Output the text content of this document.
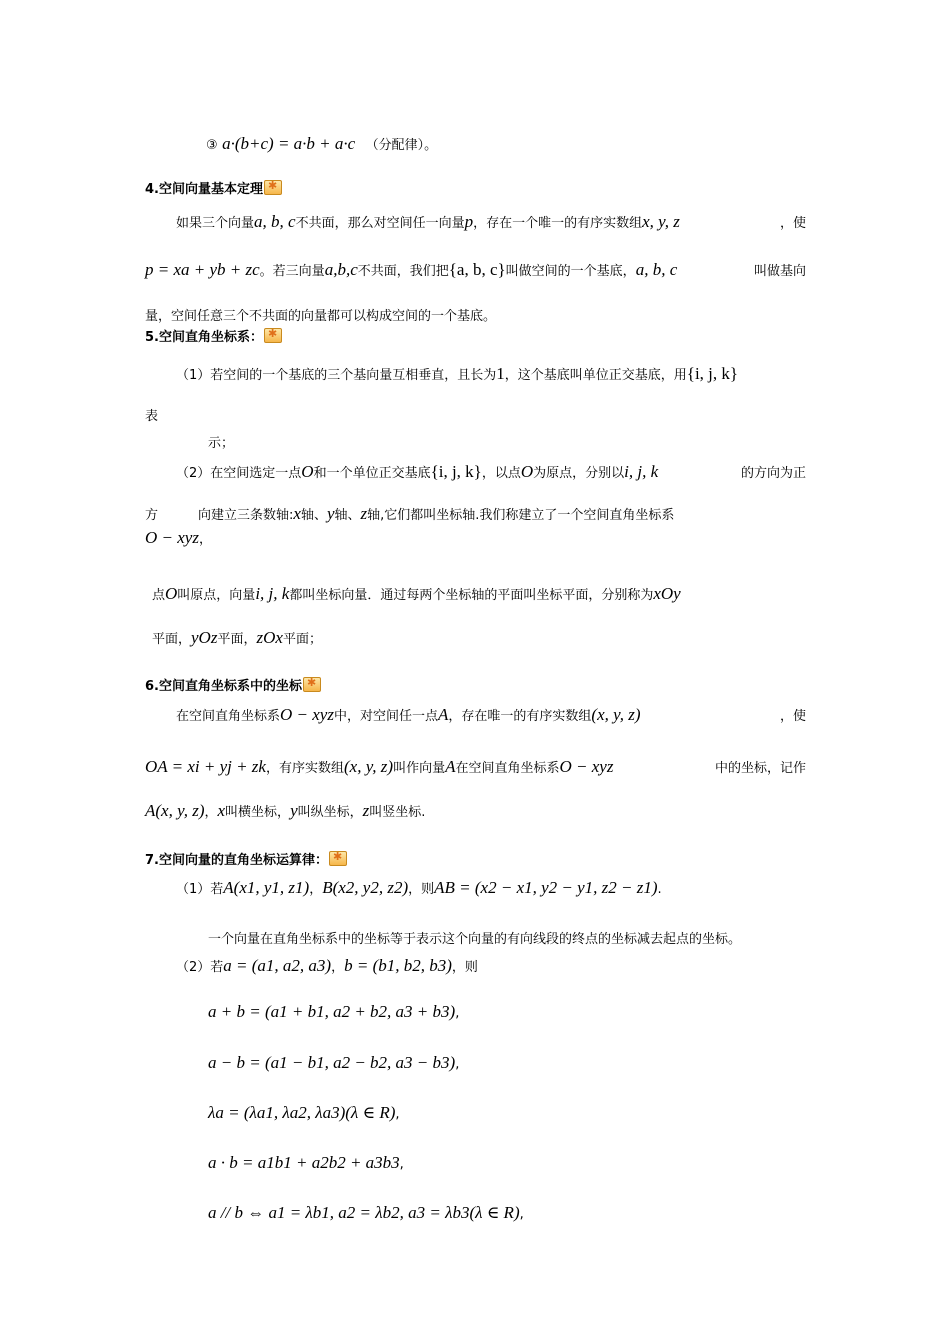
③ a·(b+c) = a·b + a·c （分配律）。
4.空间向量基本定理✱
如果三个向量a, b, c不共面，那么对空间任一向量p，存在一个唯一的有序实数组x, y, z	，使
p = xa + yb + zc。若三向量a,b,c不共面，我们把{a, b, c}叫做空间的一个基底，a, b, c	叫做基向
量，空间任意三个不共面的向量都可以构成空间的一个基底。
5.空间直角坐标系：✱
（1）若空间的一个基底的三个基向量互相垂直，且长为1，这个基底叫单位正交基底，用{i, j, k}
表
示；
（2）在空间选定一点O和一个单位正交基底{i, j, k}，以点O为原点，分别以i, j, k	的方向为正
方	向建立三条数轴:x轴、y轴、z轴,它们都叫坐标轴.我们称建立了一个空间直角坐标系
O − xyz，
点O叫原点，向量i, j, k都叫坐标向量．通过每两个坐标轴的平面叫坐标平面，分别称为xOy
平面，yOz平面，zOx平面；
6.空间直角坐标系中的坐标✱
在空间直角坐标系O − xyz中，对空间任一点A，存在唯一的有序实数组(x, y, z)	，使
OA = xi + yj + zk，有序实数组(x, y, z)叫作向量A在空间直角坐标系O − xyz	中的坐标，记作
A(x, y, z)，x叫横坐标，y叫纵坐标，z叫竖坐标.
7.空间向量的直角坐标运算律：✱
（1）若A(x1, y1, z1)，B(x2, y2, z2)，则AB = (x2 − x1, y2 − y1, z2 − z1).
一个向量在直角坐标系中的坐标等于表示这个向量的有向线段的终点的坐标减去起点的坐标。
（2）若a = (a1, a2, a3)，b = (b1, b2, b3)，则
a + b = (a1 + b1, a2 + b2, a3 + b3),
a − b = (a1 − b1, a2 − b2, a3 − b3),
λa = (λa1, λa2, λa3)(λ ∈ R),
a · b = a1b1 + a2b2 + a3b3,
a // b ⇔ a1 = λb1, a2 = λb2, a3 = λb3(λ ∈ R),
